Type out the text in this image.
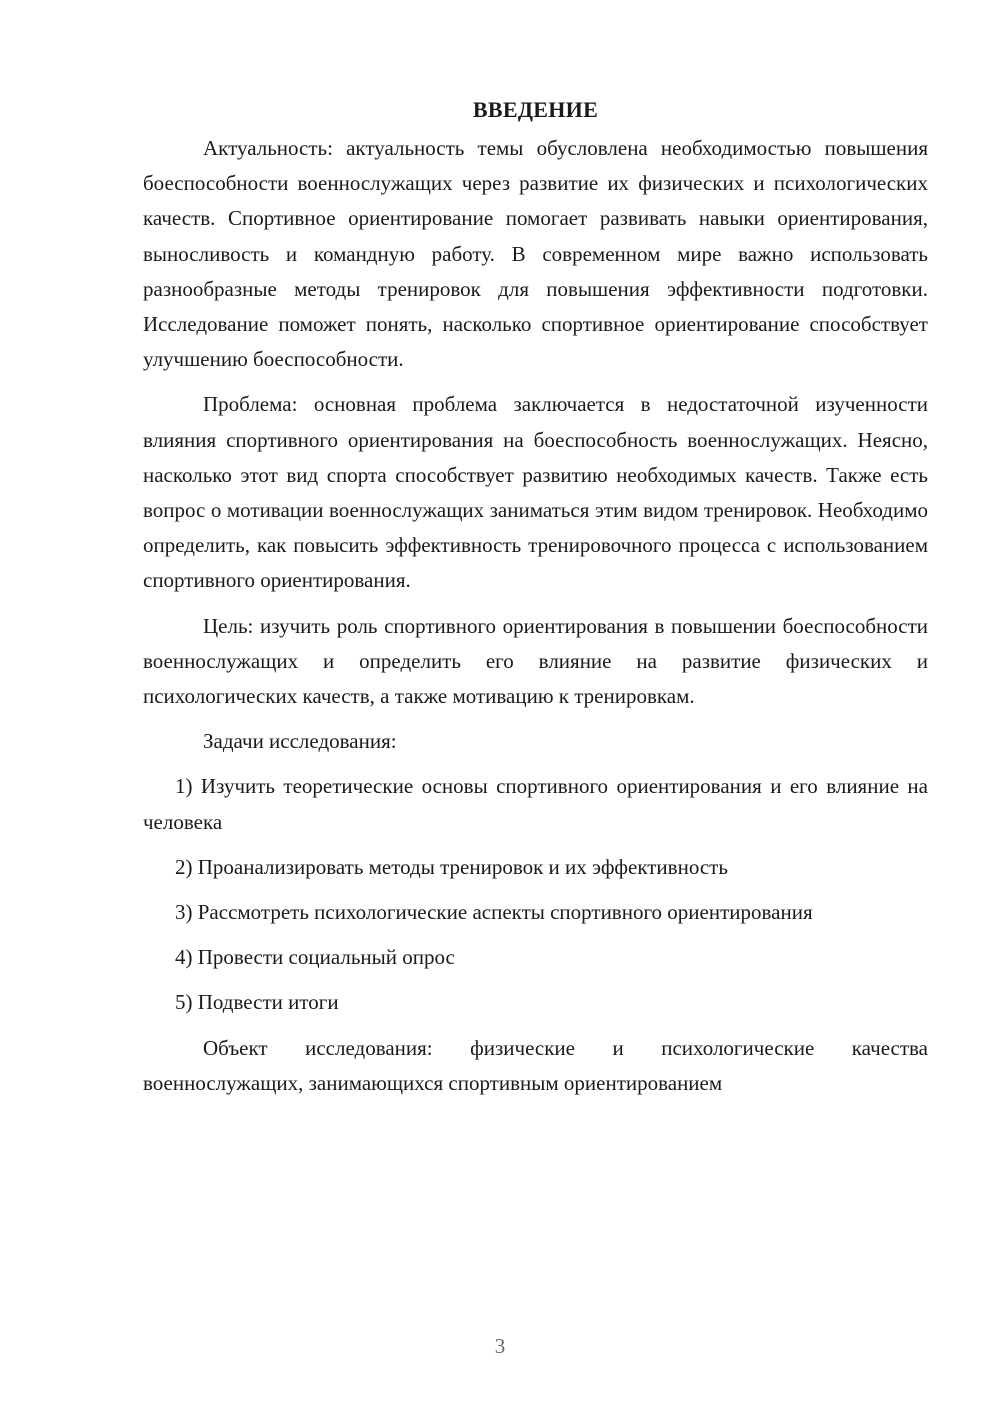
ВВЕДЕНИЕ

Актуальность: актуальность темы обусловлена необходимостью повышения боеспособности военнослужащих через развитие их физических и психологических качеств. Спортивное ориентирование помогает развивать навыки ориентирования, выносливость и командную работу. В современном мире важно использовать разнообразные методы тренировок для повышения эффективности подготовки. Исследование поможет понять, насколько спортивное ориентирование способствует улучшению боеспособности.

Проблема: основная проблема заключается в недостаточной изученности влияния спортивного ориентирования на боеспособность военнослужащих. Неясно, насколько этот вид спорта способствует развитию необходимых качеств. Также есть вопрос о мотивации военнослужащих заниматься этим видом тренировок. Необходимо определить, как повысить эффективность тренировочного процесса с использованием спортивного ориентирования.

Цель: изучить роль спортивного ориентирования в повышении боеспособности военнослужащих и определить его влияние на развитие физических и психологических качеств, а также мотивацию к тренировкам.

Задачи исследования:

1) Изучить теоретические основы спортивного ориентирования и его влияние на человека

2) Проанализировать методы тренировок и их эффективность

3) Рассмотреть психологические аспекты спортивного ориентирования

4) Провести социальный опрос

5) Подвести итоги

Объект исследования: физические и психологические качества военнослужащих, занимающихся спортивным ориентированием

3
